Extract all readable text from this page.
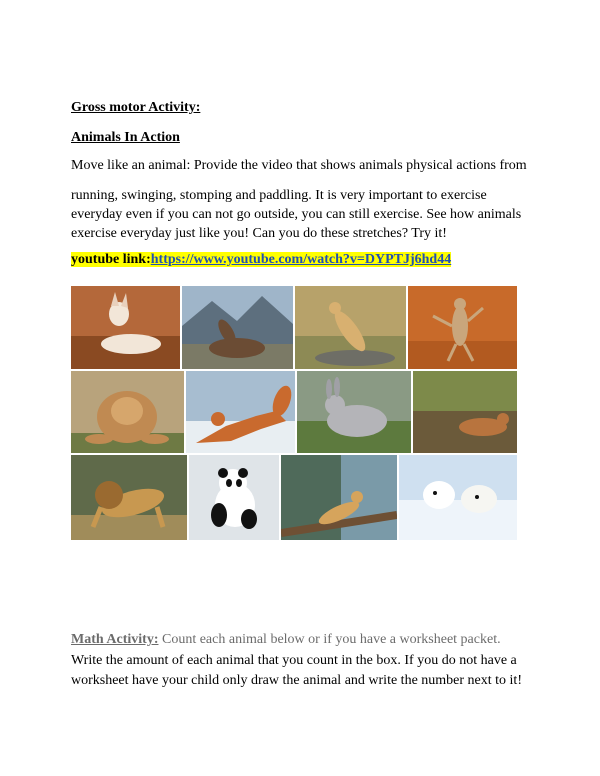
Gross motor Activity:
Animals In Action
Move like an animal: Provide the video that shows animals physical actions from
running, swinging, stomping and paddling. It is very important to exercise
everyday even if you can not go outside, you can still exercise. See how animals
exercise everyday just like you! Can you do these stretches? Try it!
youtube link:https://www.youtube.com/watch?v=DYPTJj6hd44
Math Activity: Count each animal below or if you have a worksheet packet.
Write the amount of each animal that you count in the box. If you do not have a
worksheet have your child only draw the animal and write the number next to it!
